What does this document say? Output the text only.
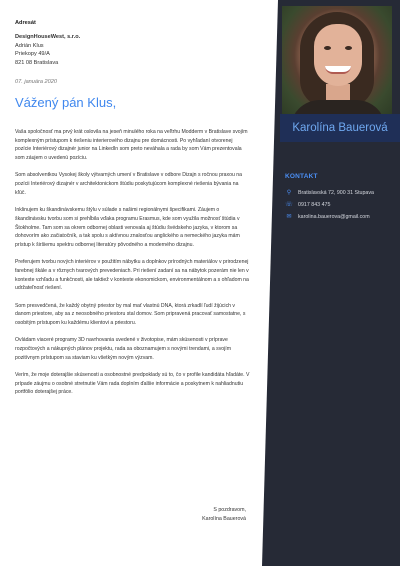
Karolína Bauerová
KONTAKT
⚲	Bratislavská 72, 900 31 Stupava
☏ 0917 843 475
✉ karolina.bauerova@gmail.com
Adresát
DesignHouseWest, s.r.o.
Adrián Klus
Priekopy 49/A
821 08 Bratislava
07. januára 2020
Vážený pán Klus,

Vaša spoločnosť ma prvý krát oslovila na jeseň minulého roka na veľtrhu Modderm v Bratislave svojím komplexným prístupom k riešeniu interierového dizajnu pre domácnosti. Po vyhľadaní otvorenej pozície Interiérový dizajnér junior na LinkedIn som preto neváhala a rada by som Vám prezentovala som záujem o uvedenú pozíciu.

Som absolventkou Vysokej školy výtvarných umení v Bratislave v odbore Dizajn s ročnou praxou na pozícii Interiérový dizajnér v architektonickom štúdiu poskytujúcom komplexné riešenia bývania na kľúč.

Inklinujem ku škandinávskemu štýlu v súlade s našimi regionálnymi špecifikami. Záujem o škandinávsku tvorbu som si prehĺbila vďaka programu Erasmus, kde som využila možnosť štúdia v Štokholme. Tam som sa okrem odbornej oblasti venovala aj štúdiu švédskeho jazyka, v ktorom sa dohovorím ako začiatočník, a tak spolu s aktívnou znalosťou anglického a nemeckého jazyka mám prístup k širšiemu spektru odbornej literatúry pôvodného a moderného dizajnu.

Preferujem tvorbu nových interiérov v použitím nábytku a doplnkov prírodných materiálov v prirodzenej farebnej škále a v rôznych tvarových prevedeniach. Pri riešení zadaní sa na nábytok pozerám nie len v kontexte vzhľadu a funkčnosti, ale taktiež v kontexte ekonomickom, environmentálnom a s ohľadom na udržateľnosť riešení.

Som presvedčená, že každý obytný priestor by mal mať vlastnú DNA, ktorá zrkadlí ľudí žijúcich v danom priestore, aby sa z neosobného priestoru stal domov. Som pripravená pracovať samostatne, s osobitým prístupom ku každému klientovi a priestoru.

Ovládam viaceré programy 3D navrhovania uvedené v životopise, mám skúsenosti v príprave rozpočtových a nákupných plánov projektu, rada sa oboznamujem s novými trendami, a svojím pozitívnym prístupom sa staviam ku všetkým novým výzvam.

Verím, že moje doterajšie skúsenosti a osobnostné predpoklady sú to, čo v profile kandidáta hľadáte. V prípade záujmu o osobné stretnutie Vám rada doplním ďalšie informácie a poskytnem k nahliadnutiu portfólio doterajšej práce.

S pozdravom,
Karolína Bauerová
